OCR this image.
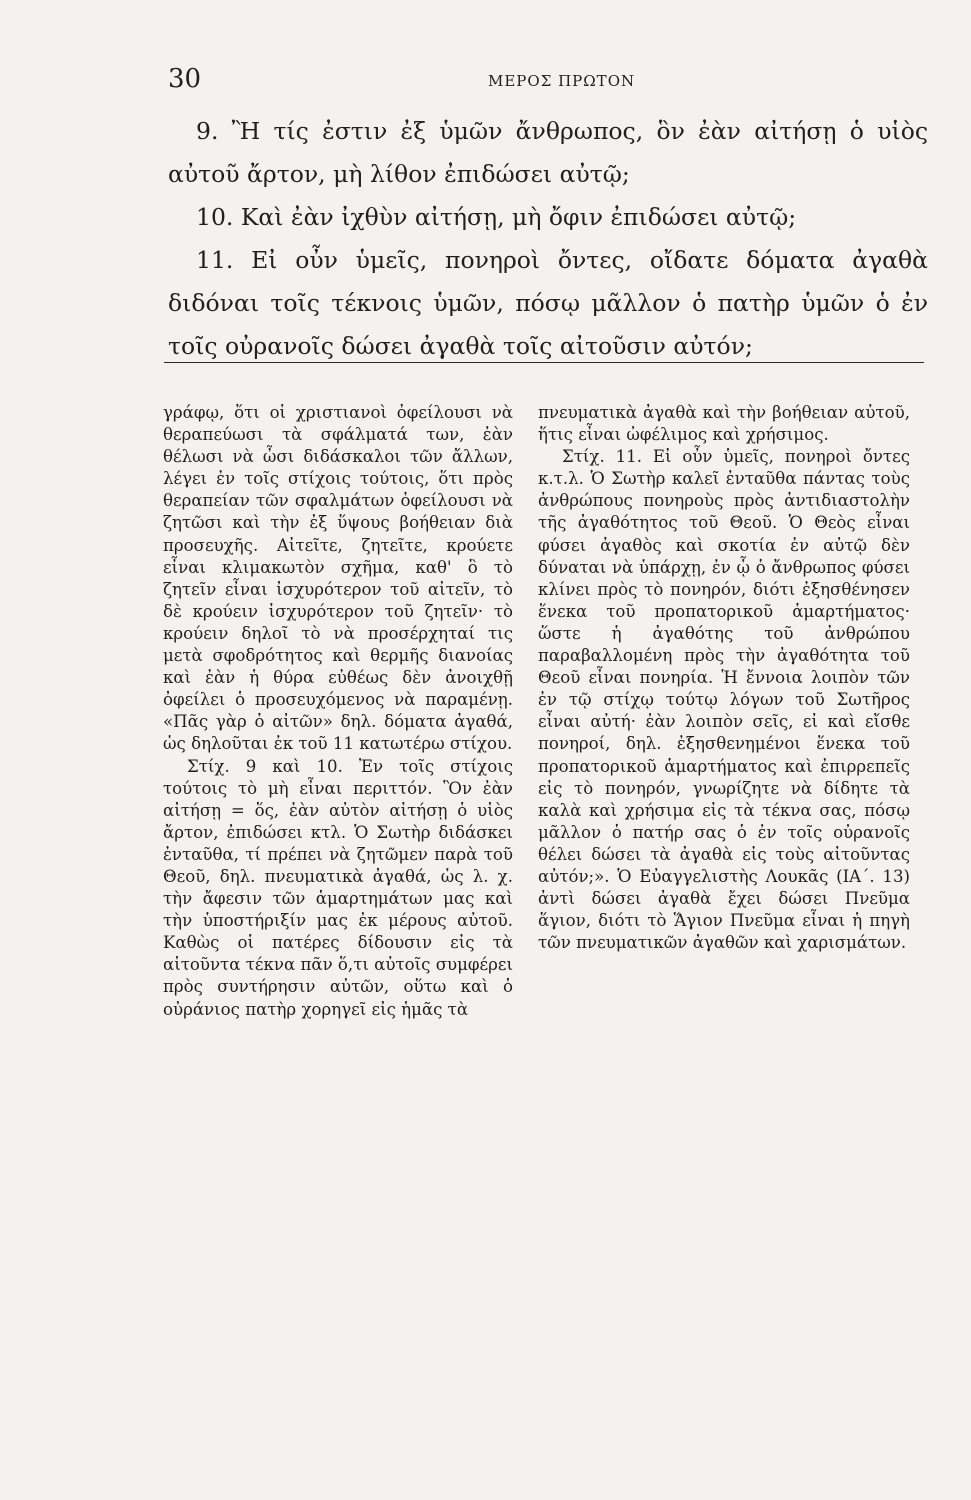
30	ΜΕΡΟΣ ΠΡΩΤΟΝ

9. Ἢ τίς ἐστιν ἐξ ὑμῶν ἄνθρωπος, ὃν ἐὰν αἰτήσῃ ὁ υἱὸς αὐτοῦ ἄρτον, μὴ λίθον ἐπιδώσει αὐτῷ;

10. Καὶ ἐὰν ἰχθὺν αἰτήσῃ, μὴ ὄφιν ἐπιδώσει αὐτῷ;

11. Εἰ οὖν ὑμεῖς, πονηροὶ ὄντες, οἴδατε δόματα ἀγαθὰ διδόναι τοῖς τέκνοις ὑμῶν, πόσῳ μᾶλλον ὁ πατὴρ ὑμῶν ὁ ἐν τοῖς οὐρανοῖς δώσει ἀγαθὰ τοῖς αἰτοῦσιν αὐτόν;

γράφῳ, ὅτι οἱ χριστιανοὶ ὀφείλουσι νὰ θεραπεύωσι τὰ σφάλματά των, ἐὰν θέλωσι νὰ ὦσι διδάσκαλοι τῶν ἄλλων, λέγει ἐν τοῖς στίχοις τούτοις, ὅτι πρὸς θεραπείαν τῶν σφαλμάτων ὀφείλουσι νὰ ζητῶσι καὶ τὴν ἐξ ὕψους βοήθειαν διὰ προσευχῆς. Αἰτεῖτε, ζητεῖτε, κρούετε εἶναι κλιμακωτὸν σχῆμα, καθ' ὃ τὸ ζητεῖν εἶναι ἰσχυρότερον τοῦ αἰτεῖν, τὸ δὲ κρούειν ἰσχυρότερον τοῦ ζητεῖν· τὸ κρούειν δηλοῖ τὸ νὰ προσέρχηταί τις μετὰ σφοδρότητος καὶ θερμῆς διανοίας καὶ ἐὰν ἡ θύρα εὐθέως δὲν ἀνοιχθῇ ὀφείλει ὁ προσευχόμενος νὰ παραμένῃ. «Πᾶς γὰρ ὁ αἰτῶν» δηλ. δόματα ἀγαθά, ὡς δηλοῦται ἐκ τοῦ 11 κατωτέρω στίχου.

Στίχ. 9 καὶ 10. Ἐν τοῖς στίχοις τούτοις τὸ μὴ εἶναι περιττόν. Ὃν ἐὰν αἰτήσῃ = ὅς, ἐὰν αὐτὸν αἰτήσῃ ὁ υἱὸς ἄρτον, ἐπιδώσει κτλ. Ὁ Σωτὴρ διδάσκει ἐνταῦθα, τί πρέπει νὰ ζητῶμεν παρὰ τοῦ Θεοῦ, δηλ. πνευματικὰ ἀγαθά, ὡς λ. χ. τὴν ἄφεσιν τῶν ἁμαρτημάτων μας καὶ τὴν ὑποστήριξίν μας ἐκ μέρους αὐτοῦ. Καθὼς οἱ πατέρες δίδουσιν εἰς τὰ αἰτοῦντα τέκνα πᾶν ὅ,τι αὐτοῖς συμφέρει πρὸς συντήρησιν αὐτῶν, οὕτω καὶ ὁ οὐράνιος πατὴρ χορηγεῖ εἰς ἡμᾶς τὰ

πνευματικὰ ἀγαθὰ καὶ τὴν βοήθειαν αὐτοῦ, ἥτις εἶναι ὠφέλιμος καὶ χρήσιμος.

Στίχ. 11. Εἰ οὖν ὑμεῖς, πονηροὶ ὄντες κ.τ.λ. Ὁ Σωτὴρ καλεῖ ἐνταῦθα πάντας τοὺς ἀνθρώπους πονηροὺς πρὸς ἀντιδιαστολὴν τῆς ἀγαθότητος τοῦ Θεοῦ. Ὁ Θεὸς εἶναι φύσει ἀγαθὸς καὶ σκοτία ἐν αὐτῷ δὲν δύναται νὰ ὑπάρχῃ, ἐν ᾧ ὁ ἄνθρωπος φύσει κλίνει πρὸς τὸ πονηρόν, διότι ἐξησθένησεν ἕνεκα τοῦ προπατορικοῦ ἁμαρτήματος· ὥστε ἡ ἀγαθότης τοῦ ἀνθρώπου παραβαλλομένη πρὸς τὴν ἀγαθότητα τοῦ Θεοῦ εἶναι πονηρία. Ἡ ἔννοια λοιπὸν τῶν ἐν τῷ στίχῳ τούτῳ λόγων τοῦ Σωτῆρος εἶναι αὐτή· ἐὰν λοιπὸν σεῖς, εἰ καὶ εἴσθε πονηροί, δηλ. ἐξησθενημένοι ἕνεκα τοῦ προπατορικοῦ ἁμαρτήματος καὶ ἐπιρρεπεῖς εἰς τὸ πονηρόν, γνωρίζητε νὰ δίδητε τὰ καλὰ καὶ χρήσιμα εἰς τὰ τέκνα σας, πόσῳ μᾶλλον ὁ πατήρ σας ὁ ἐν τοῖς οὐρανοῖς θέλει δώσει τὰ ἀγαθὰ εἰς τοὺς αἰτοῦντας αὐτόν;». Ὁ Εὐαγγελιστὴς Λουκᾶς (ΙΑ΄. 13) ἀντὶ δώσει ἀγαθὰ ἔχει δώσει Πνεῦμα ἅγιον, διότι τὸ Ἅγιον Πνεῦμα εἶναι ἡ πηγὴ τῶν πνευματικῶν ἀγαθῶν καὶ χαρισμάτων.
